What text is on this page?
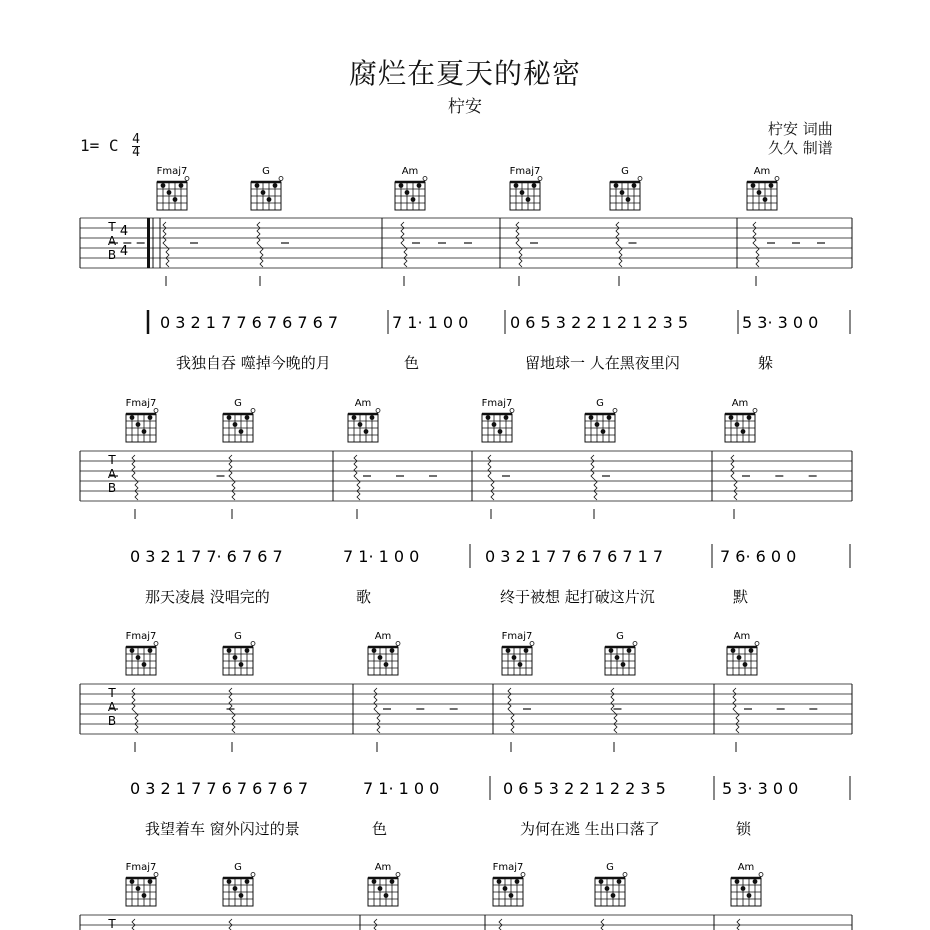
腐烂在夏天的秘密
柠安
1= C $\frac{4}{4}$
柠安 词曲
久久 制谱
Fmaj7	G	Am	Fmaj7	G	Am
T
A
B
4
4
0 3 2 1 7 7 6 7 6 7 6 7	7 1· 1 0 0	0 6 5 3 2 2 1 2 1 2 3 5	5 3· 3 0 0
我独自吞 噬掉今晚的月	色	留地球一 人在黑夜里闪	躲
Fmaj7	G	Am	Fmaj7	G	Am
T
A
B
0 3 2 1 7 7· 6 7 6 7	7 1· 1 0 0	0 3 2 1 7 7 6 7 6 7 1 7	7 6· 6 0 0
那天凌晨 没唱完的	歌	终于被想 起打破这片沉	默
Fmaj7	G	Am	Fmaj7	G	Am
T
A
B
0 3 2 1 7 7 6 7 6 7 6 7	7 1· 1 0 0	0 6 5 3 2 2 1 2 2 3 5	5 3· 3 0 0
我望着车 窗外闪过的景	色	为何在逃 生出口落了	锁
Fmaj7	G	Am	Fmaj7	G	Am
T
